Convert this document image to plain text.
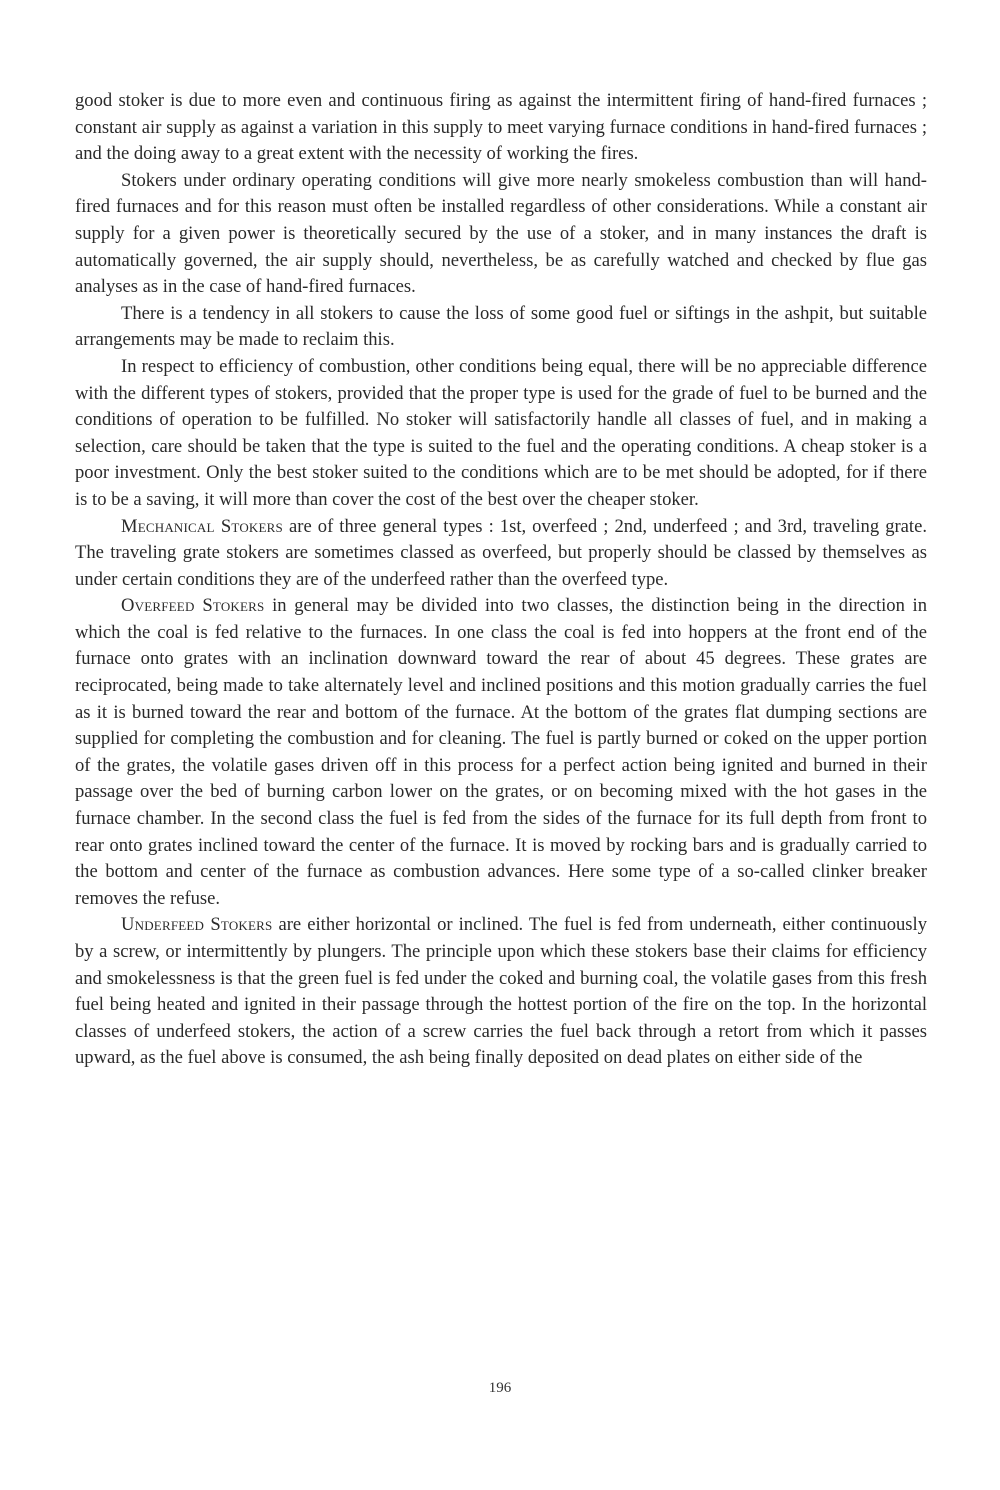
good stoker is due to more even and continuous firing as against the intermittent firing of hand-fired furnaces ; constant air supply as against a variation in this supply to meet varying furnace conditions in hand-fired furnaces ; and the doing away to a great extent with the necessity of working the fires.

Stokers under ordinary operating conditions will give more nearly smokeless combustion than will hand-fired furnaces and for this reason must often be installed regardless of other considerations. While a constant air supply for a given power is theoretically secured by the use of a stoker, and in many instances the draft is automatically governed, the air supply should, nevertheless, be as carefully watched and checked by flue gas analyses as in the case of hand-fired furnaces.

There is a tendency in all stokers to cause the loss of some good fuel or siftings in the ashpit, but suitable arrangements may be made to reclaim this.

In respect to efficiency of combustion, other conditions being equal, there will be no appreciable difference with the different types of stokers, provided that the proper type is used for the grade of fuel to be burned and the conditions of operation to be fulfilled. No stoker will satisfactorily handle all classes of fuel, and in making a selection, care should be taken that the type is suited to the fuel and the operating conditions. A cheap stoker is a poor investment. Only the best stoker suited to the conditions which are to be met should be adopted, for if there is to be a saving, it will more than cover the cost of the best over the cheaper stoker.

Mechanical Stokers are of three general types : 1st, overfeed ; 2nd, underfeed ; and 3rd, traveling grate. The traveling grate stokers are sometimes classed as overfeed, but properly should be classed by themselves as under certain conditions they are of the underfeed rather than the overfeed type.

Overfeed Stokers in general may be divided into two classes, the distinction being in the direction in which the coal is fed relative to the furnaces. In one class the coal is fed into hoppers at the front end of the furnace onto grates with an inclination downward toward the rear of about 45 degrees. These grates are reciprocated, being made to take alternately level and inclined positions and this motion gradually carries the fuel as it is burned toward the rear and bottom of the furnace. At the bottom of the grates flat dumping sections are supplied for completing the combustion and for cleaning. The fuel is partly burned or coked on the upper portion of the grates, the volatile gases driven off in this process for a perfect action being ignited and burned in their passage over the bed of burning carbon lower on the grates, or on becoming mixed with the hot gases in the furnace chamber. In the second class the fuel is fed from the sides of the furnace for its full depth from front to rear onto grates inclined toward the center of the furnace. It is moved by rocking bars and is gradually carried to the bottom and center of the furnace as combustion advances. Here some type of a so-called clinker breaker removes the refuse.

Underfeed Stokers are either horizontal or inclined. The fuel is fed from underneath, either continuously by a screw, or intermittently by plungers. The principle upon which these stokers base their claims for efficiency and smokelessness is that the green fuel is fed under the coked and burning coal, the volatile gases from this fresh fuel being heated and ignited in their passage through the hottest portion of the fire on the top. In the horizontal classes of underfeed stokers, the action of a screw carries the fuel back through a retort from which it passes upward, as the fuel above is consumed, the ash being finally deposited on dead plates on either side of the

196
